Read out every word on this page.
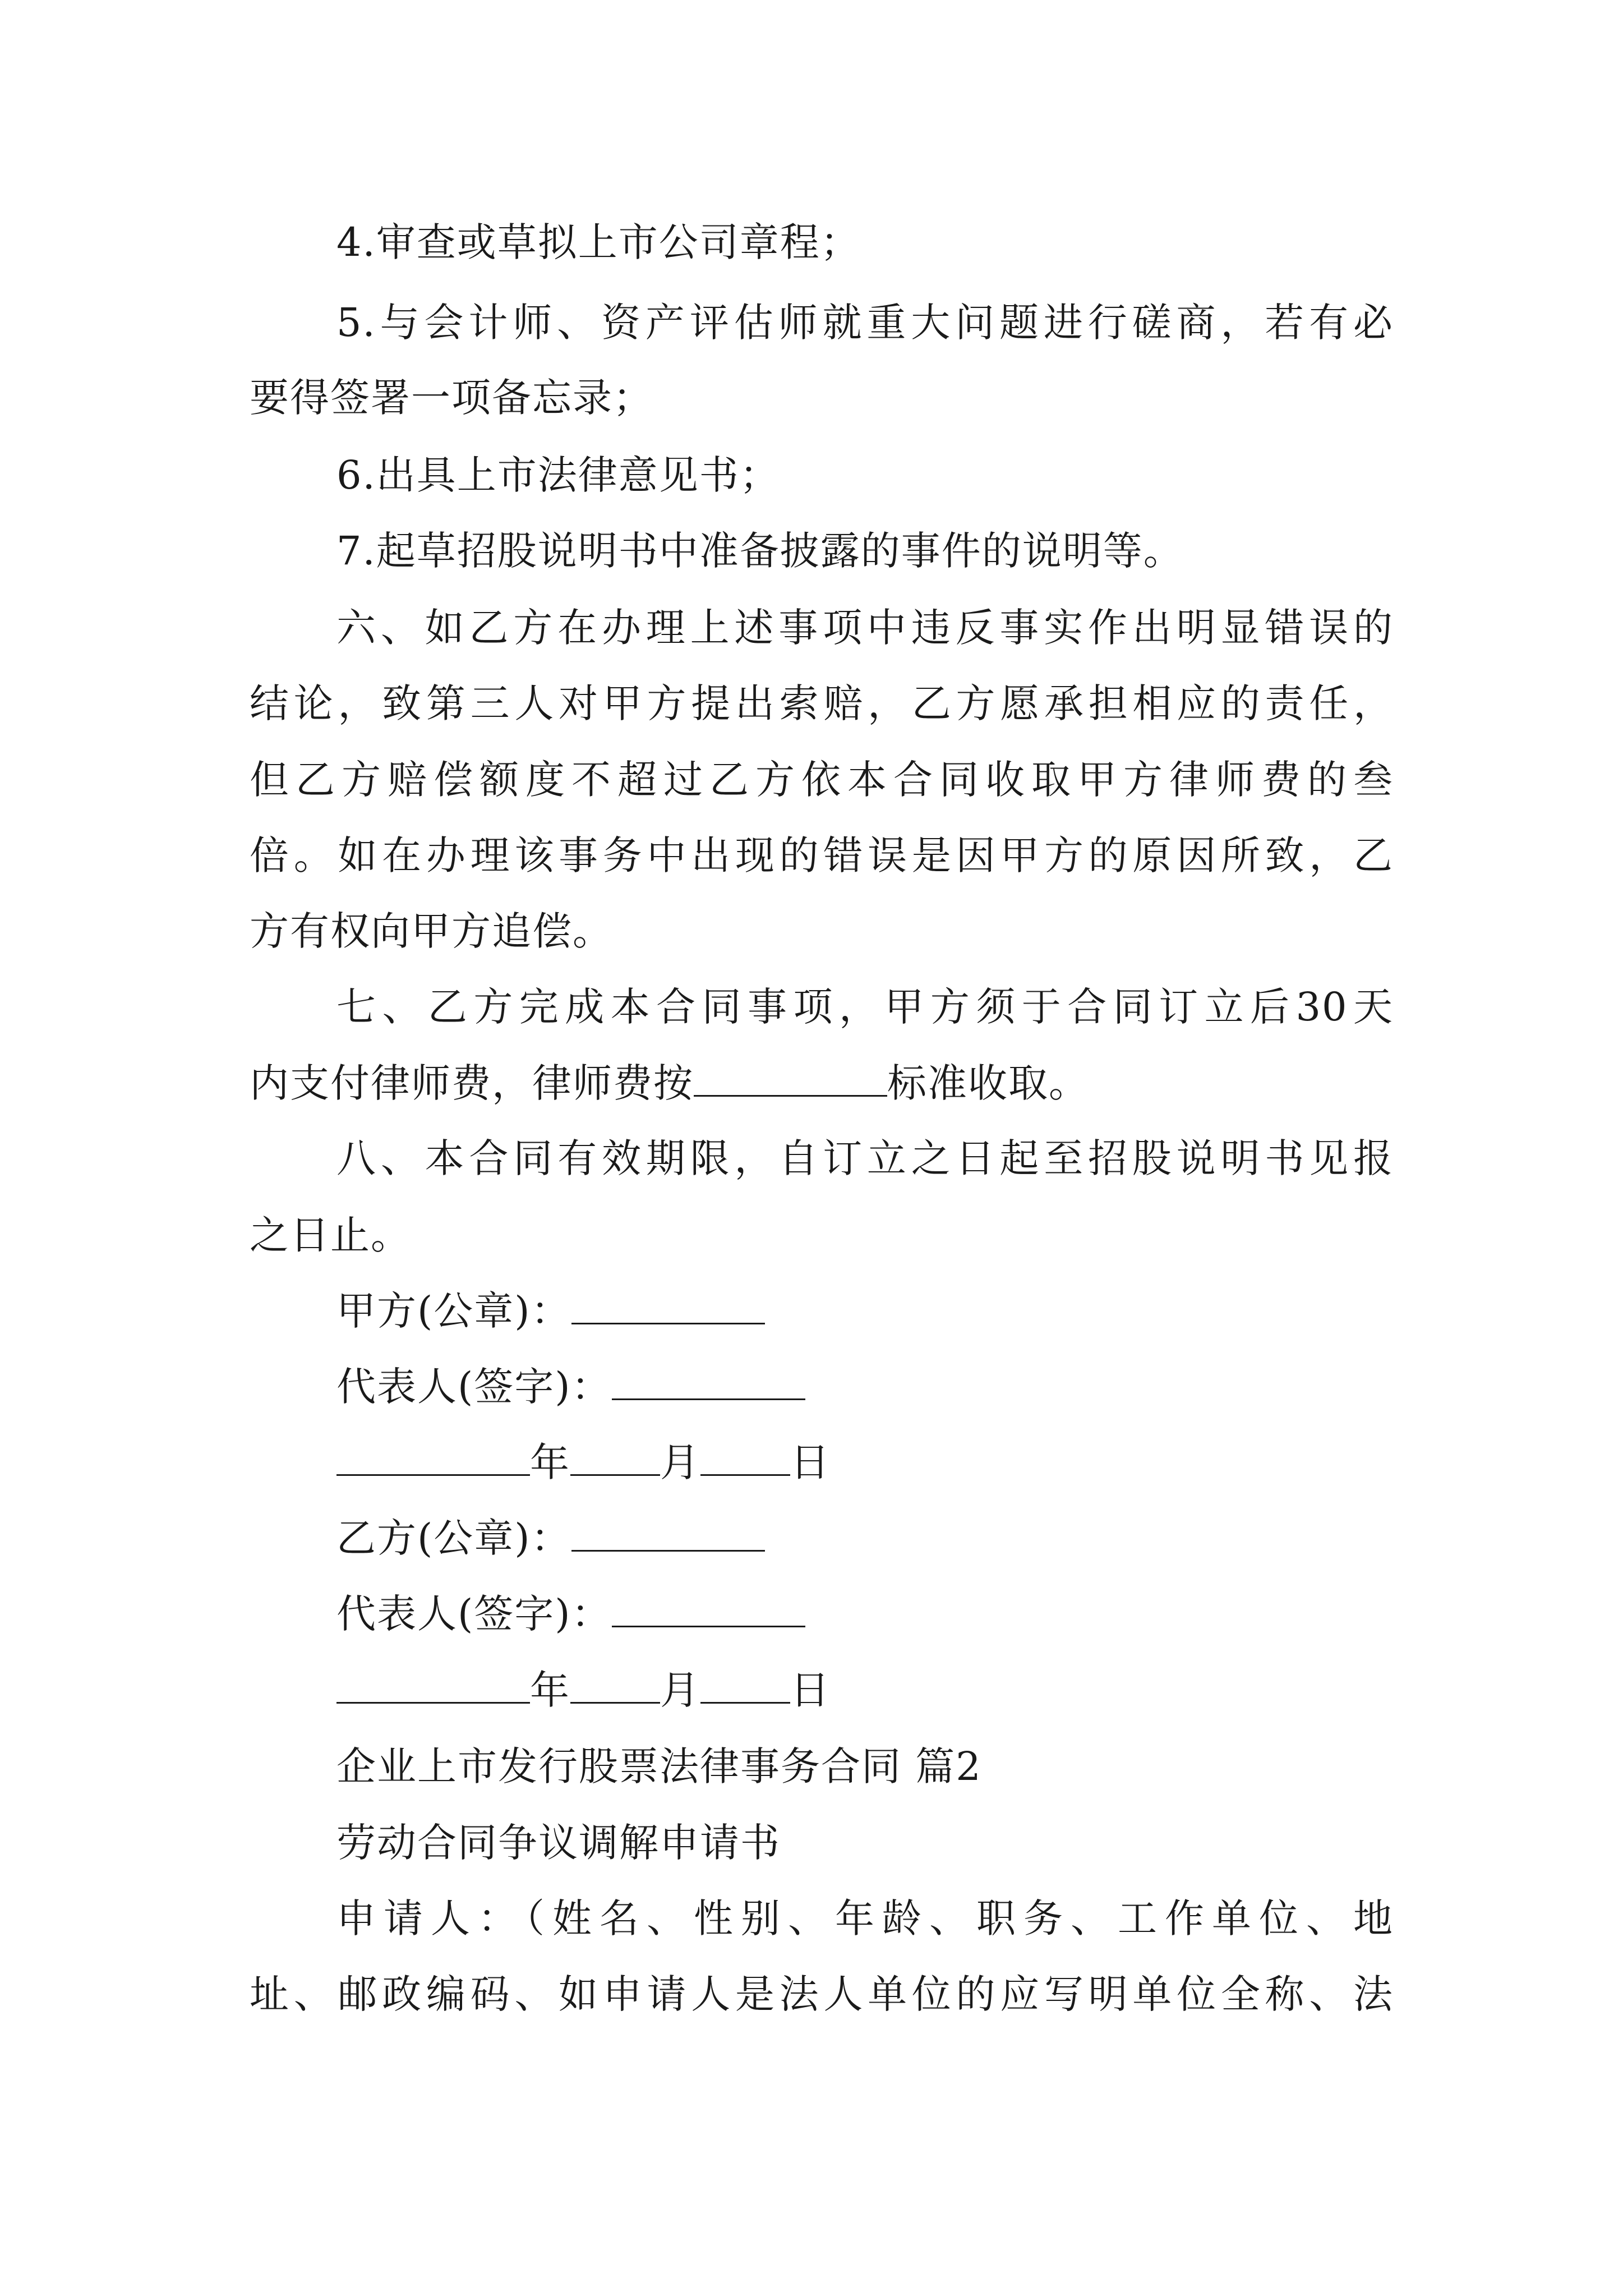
4.审查或草拟上市公司章程；
5.与会计师、资产评估师就重大问题进行磋商，若有必
要得签署一项备忘录；
6.出具上市法律意见书；
7.起草招股说明书中准备披露的事件的说明等。
六、如乙方在办理上述事项中违反事实作出明显错误的
结论，致第三人对甲方提出索赔，乙方愿承担相应的责任，
但乙方赔偿额度不超过乙方依本合同收取甲方律师费的叁
倍。如在办理该事务中出现的错误是因甲方的原因所致，乙
方有权向甲方追偿。
七、乙方完成本合同事项，甲方须于合同订立后30天
内支付律师费，律师费按	标准收取。
八、本合同有效期限，自订立之日起至招股说明书见报
之日止。
甲方(公章)：
代表人(签字)：
年 月 日
乙方(公章)：
代表人(签字)：
年 月 日
企业上市发行股票法律事务合同 篇2
劳动合同争议调解申请书
申请人：（姓名、性别、年龄、职务、工作单位、地
址、邮政编码、如申请人是法人单位的应写明单位全称、法
